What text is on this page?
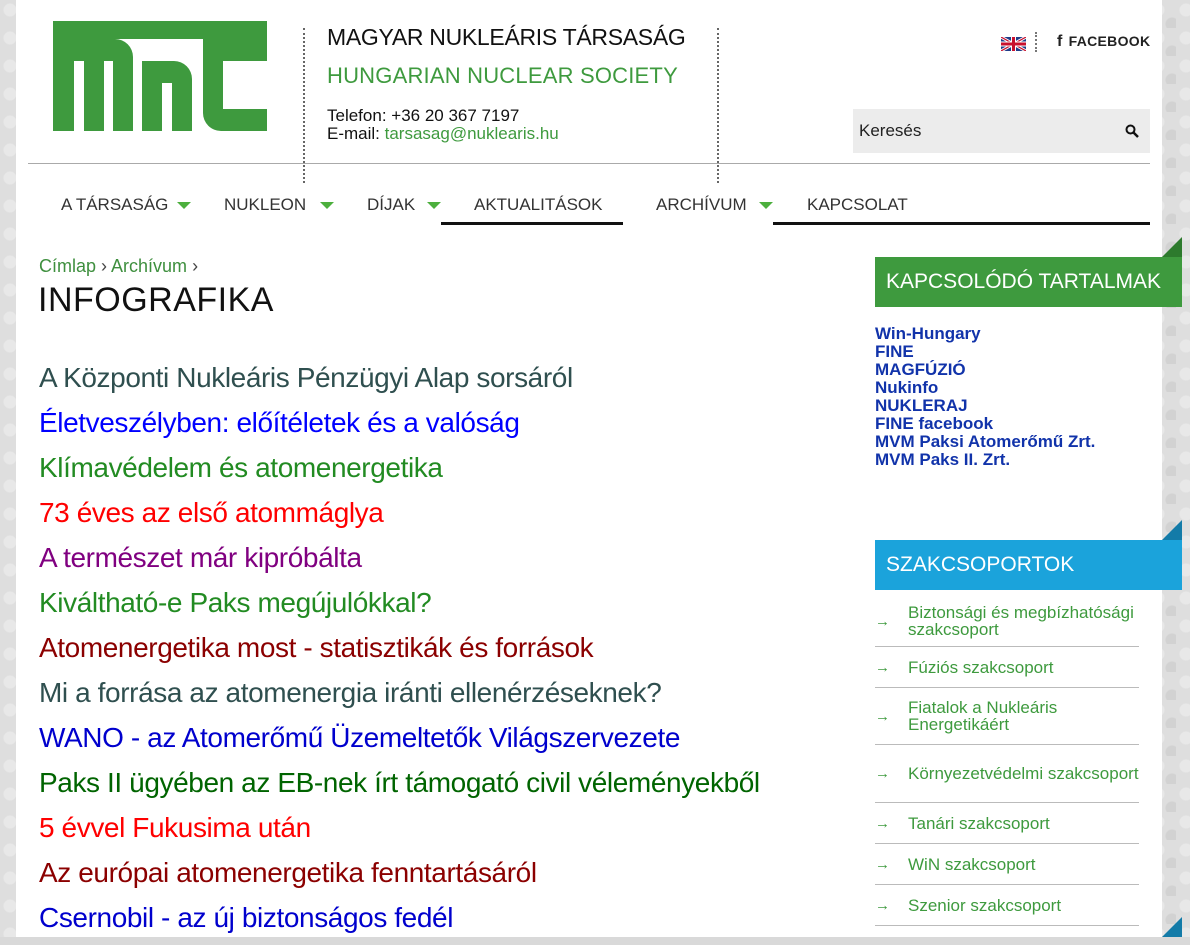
MAGYAR NUKLEÁRIS TÁRSASÁG
HUNGARIAN NUCLEAR SOCIETY
Telefon: +36 20 367 7197
E-mail: tarsasag@nuklearis.hu
f FACEBOOK
Keresés
A TÁRSASÁG	NUKLEON	DÍJAK	AKTUALITÁSOK	ARCHÍVUM	KAPCSOLAT
Címlap › Archívum ›
INFOGRAFIKA
A Központi Nukleáris Pénzügyi Alap sorsáról
Életveszélyben: előítéletek és a valóság
Klímavédelem és atomenergetika
73 éves az első atommáglya
A természet már kipróbálta
Kiváltható-e Paks megújulókkal?
Atomenergetika most - statisztikák és források
Mi a forrása az atomenergia iránti ellenérzéseknek?
WANO - az Atomerőmű Üzemeltetők Világszervezete
Paks II ügyében az EB-nek írt támogató civil véleményekből
5 évvel Fukusima után
Az európai atomenergetika fenntartásáról
Csernobil - az új biztonságos fedél
KAPCSOLÓDÓ TARTALMAK
Win-Hungary
FINE
MAGFÚZIÓ
Nukinfo
NUKLERAJ
FINE facebook
MVM Paksi Atomerőmű Zrt.
MVM Paks II. Zrt.
SZAKCSOPORTOK
→	Biztonsági és megbízhatósági szakcsoport
→	Fúziós szakcsoport
→	Fiatalok a Nukleáris Energetikáért
→	Környezetvédelmi szakcsoport
→	Tanári szakcsoport
→	WiN szakcsoport
→	Szenior szakcsoport
